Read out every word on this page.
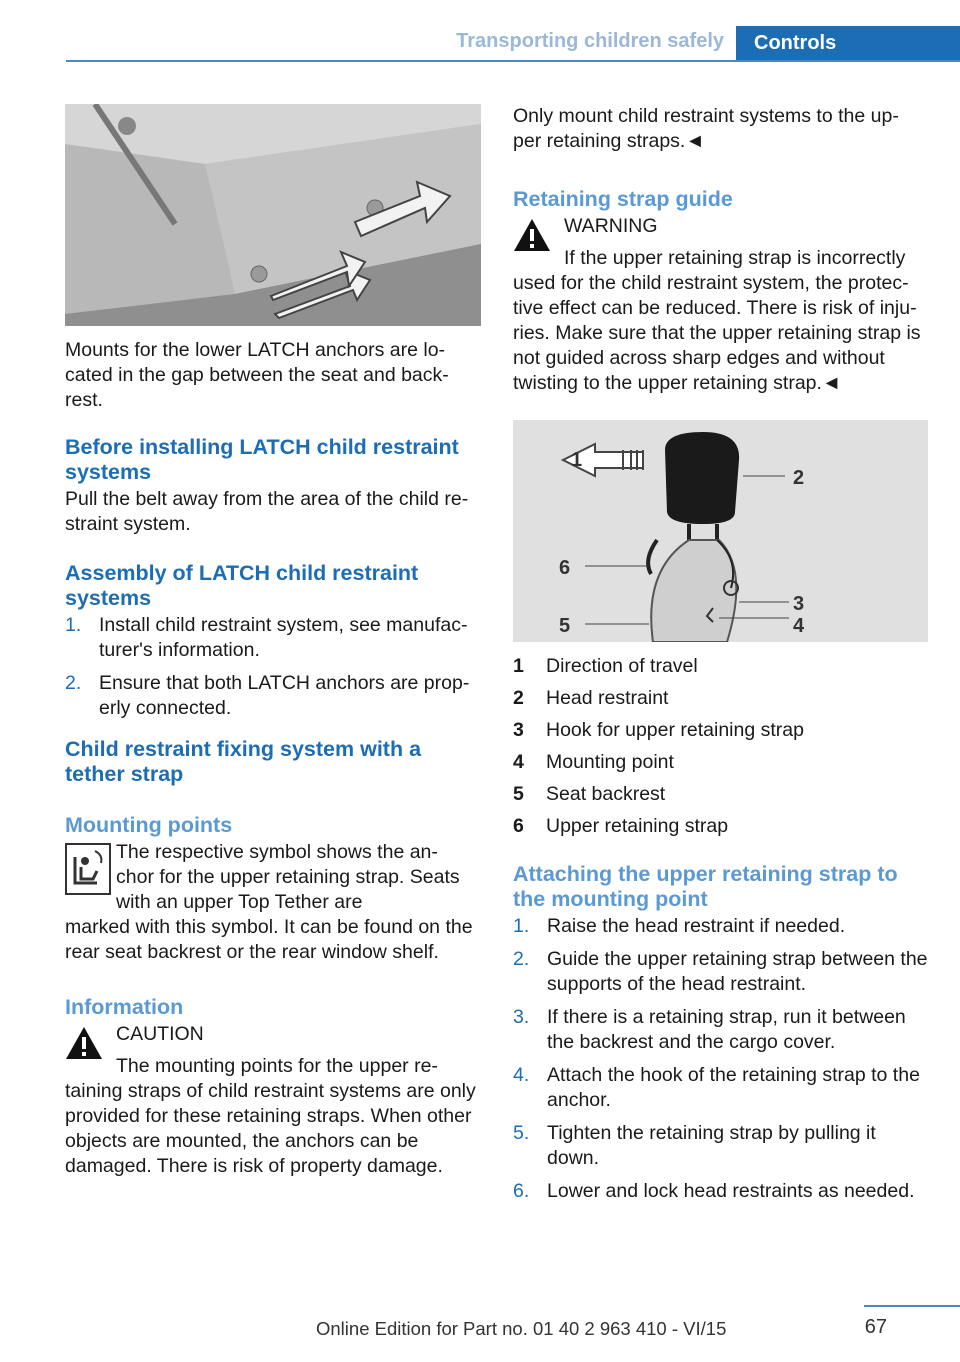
Transporting children safely	Controls

Mounts for the lower LATCH anchors are lo- cated in the gap between the seat and back- rest.

Before installing LATCH child restraint systems

Pull the belt away from the area of the child re- straint system.

Assembly of LATCH child restraint systems
1. Install child restraint system, see manufac- turer's information.
2. Ensure that both LATCH anchors are prop- erly connected.
Child restraint fixing system with a tether strap
Mounting points

The respective symbol shows the an- chor for the upper retaining strap. Seats with an upper Top Tether are

marked with this symbol. It can be found on the rear seat backrest or the rear window shelf.

Information

CAUTION

The mounting points for the upper re-

taining straps of child restraint systems are only provided for these retaining straps. When other objects are mounted, the anchors can be damaged. There is risk of property damage.

Only mount child restraint systems to the up- per retaining straps.◄

Retaining strap guide

WARNING

If the upper retaining strap is incorrectly

used for the child restraint system, the protec- tive effect can be reduced. There is risk of inju- ries. Make sure that the upper retaining strap is not guided across sharp edges and without twisting to the upper retaining strap.◄

1
2
3
4
5
6
1 Direction of travel
2 Head restraint
3 Hook for upper retaining strap
4 Mounting point
5 Seat backrest
6 Upper retaining strap
Attaching the upper retaining strap to the mounting point
1. Raise the head restraint if needed.
2. Guide the upper retaining strap between the supports of the head restraint.
3. If there is a retaining strap, run it between the backrest and the cargo cover.
4. Attach the hook of the retaining strap to the anchor.
5. Tighten the retaining strap by pulling it down.
6. Lower and lock head restraints as needed.
Online Edition for Part no. 01 40 2 963 410 - VI/15	67
